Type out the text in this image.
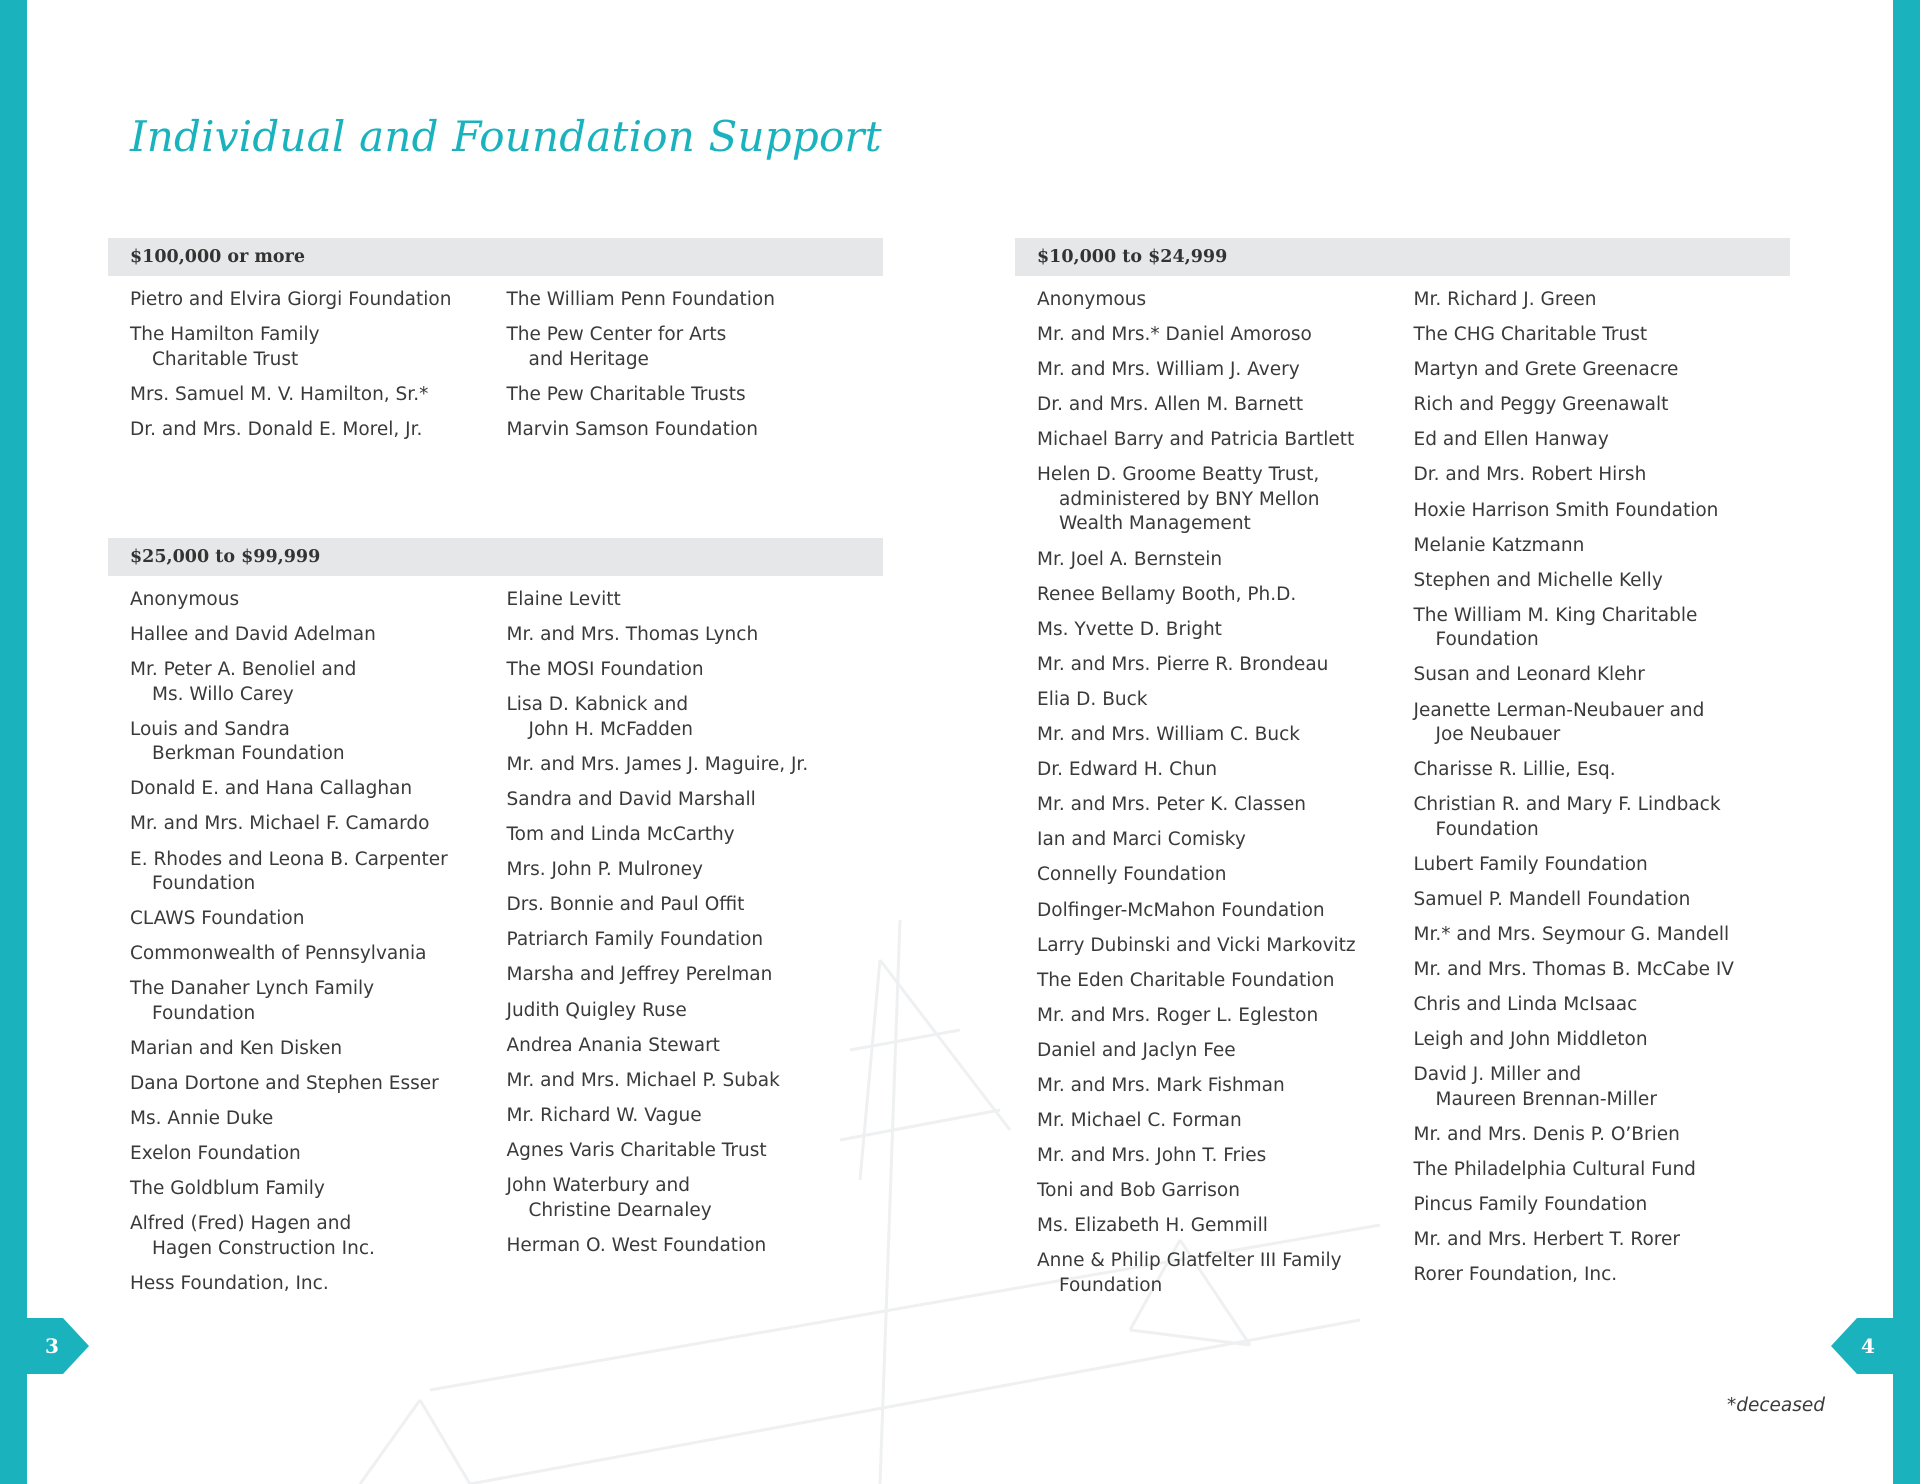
Individual and Foundation Support
$100,000 or more
Pietro and Elvira Giorgi Foundation
The Hamilton Family
Charitable Trust
Mrs. Samuel M. V. Hamilton, Sr.*
Dr. and Mrs. Donald E. Morel, Jr.
The William Penn Foundation
The Pew Center for Arts
and Heritage
The Pew Charitable Trusts
Marvin Samson Foundation
$25,000 to $99,999
Anonymous
Hallee and David Adelman
Mr. Peter A. Benoliel and
Ms. Willo Carey
Louis and Sandra
Berkman Foundation
Donald E. and Hana Callaghan
Mr. and Mrs. Michael F. Camardo
E. Rhodes and Leona B. Carpenter
Foundation
CLAWS Foundation
Commonwealth of Pennsylvania
The Danaher Lynch Family
Foundation
Marian and Ken Disken
Dana Dortone and Stephen Esser
Ms. Annie Duke
Exelon Foundation
The Goldblum Family
Alfred (Fred) Hagen and
Hagen Construction Inc.
Hess Foundation, Inc.
Elaine Levitt
Mr. and Mrs. Thomas Lynch
The MOSI Foundation
Lisa D. Kabnick and
John H. McFadden
Mr. and Mrs. James J. Maguire, Jr.
Sandra and David Marshall
Tom and Linda McCarthy
Mrs. John P. Mulroney
Drs. Bonnie and Paul Offit
Patriarch Family Foundation
Marsha and Jeffrey Perelman
Judith Quigley Ruse
Andrea Anania Stewart
Mr. and Mrs. Michael P. Subak
Mr. Richard W. Vague
Agnes Varis Charitable Trust
John Waterbury and
Christine Dearnaley
Herman O. West Foundation
$10,000 to $24,999
Anonymous
Mr. and Mrs.* Daniel Amoroso
Mr. and Mrs. William J. Avery
Dr. and Mrs. Allen M. Barnett
Michael Barry and Patricia Bartlett
Helen D. Groome Beatty Trust,
administered by BNY Mellon
Wealth Management
Mr. Joel A. Bernstein
Renee Bellamy Booth, Ph.D.
Ms. Yvette D. Bright
Mr. and Mrs. Pierre R. Brondeau
Elia D. Buck
Mr. and Mrs. William C. Buck
Dr. Edward H. Chun
Mr. and Mrs. Peter K. Classen
Ian and Marci Comisky
Connelly Foundation
Dolfinger-McMahon Foundation
Larry Dubinski and Vicki Markovitz
The Eden Charitable Foundation
Mr. and Mrs. Roger L. Egleston
Daniel and Jaclyn Fee
Mr. and Mrs. Mark Fishman
Mr. Michael C. Forman
Mr. and Mrs. John T. Fries
Toni and Bob Garrison
Ms. Elizabeth H. Gemmill
Anne & Philip Glatfelter III Family
Foundation
Mr. Richard J. Green
The CHG Charitable Trust
Martyn and Grete Greenacre
Rich and Peggy Greenawalt
Ed and Ellen Hanway
Dr. and Mrs. Robert Hirsh
Hoxie Harrison Smith Foundation
Melanie Katzmann
Stephen and Michelle Kelly
The William M. King Charitable
Foundation
Susan and Leonard Klehr
Jeanette Lerman-Neubauer and
Joe Neubauer
Charisse R. Lillie, Esq.
Christian R. and Mary F. Lindback
Foundation
Lubert Family Foundation
Samuel P. Mandell Foundation
Mr.* and Mrs. Seymour G. Mandell
Mr. and Mrs. Thomas B. McCabe IV
Chris and Linda McIsaac
Leigh and John Middleton
David J. Miller and
Maureen Brennan-Miller
Mr. and Mrs. Denis P. O’Brien
The Philadelphia Cultural Fund
Pincus Family Foundation
Mr. and Mrs. Herbert T. Rorer
Rorer Foundation, Inc.
3	4
*deceased
